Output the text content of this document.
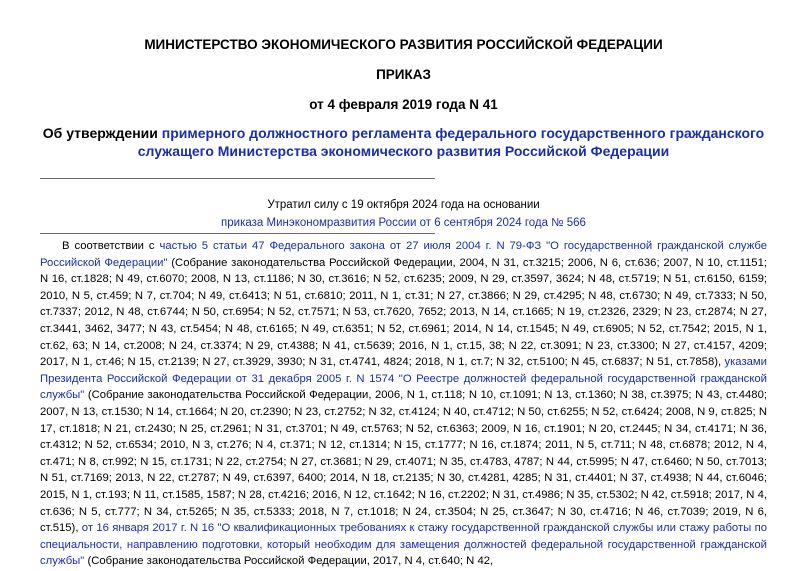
МИНИСТЕРСТВО ЭКОНОМИЧЕСКОГО РАЗВИТИЯ РОССИЙСКОЙ ФЕДЕРАЦИИ
ПРИКАЗ
от 4 февраля 2019 года N 41
Об утверждении примерного должностного регламента федерального государственного гражданского служащего Министерства экономического развития Российской Федерации
Утратил силу с 19 октября 2024 года на основании
приказа Минэкономразвития России от 6 сентября 2024 года № 566

В соответствии с частью 5 статьи 47 Федерального закона от 27 июля 2004 г. N 79-ФЗ "О государственной гражданской службе Российской Федерации" (Собрание законодательства Российской Федерации, 2004, N 31, ст.3215; 2006, N 6, ст.636; 2007, N 10, ст.1151; N 16, ст.1828; N 49, ст.6070; 2008, N 13, ст.1186; N 30, ст.3616; N 52, ст.6235; 2009, N 29, ст.3597, 3624; N 48, ст.5719; N 51, ст.6150, 6159; 2010, N 5, ст.459; N 7, ст.704; N 49, ст.6413; N 51, ст.6810; 2011, N 1, ст.31; N 27, ст.3866; N 29, ст.4295; N 48, ст.6730; N 49, ст.7333; N 50, ст.7337; 2012, N 48, ст.6744; N 50, ст.6954; N 52, ст.7571; N 53, ст.7620, 7652; 2013, N 14, ст.1665; N 19, ст.2326, 2329; N 23, ст.2874; N 27, ст.3441, 3462, 3477; N 43, ст.5454; N 48, ст.6165; N 49, ст.6351; N 52, ст.6961; 2014, N 14, ст.1545; N 49, ст.6905; N 52, ст.7542; 2015, N 1, ст.62, 63; N 14, ст.2008; N 24, ст.3374; N 29, ст.4388; N 41, ст.5639; 2016, N 1, ст.15, 38; N 22, ст.3091; N 23, ст.3300; N 27, ст.4157, 4209; 2017, N 1, ст.46; N 15, ст.2139; N 27, ст.3929, 3930; N 31, ст.4741, 4824; 2018, N 1, ст.7; N 32, ст.5100; N 45, ст.6837; N 51, ст.7858), указами Президента Российской Федерации от 31 декабря 2005 г. N 1574 "О Реестре должностей федеральной государственной гражданской службы" (Собрание законодательства Российской Федерации, 2006, N 1, ст.118; N 10, ст.1091; N 13, ст.1360; N 38, ст.3975; N 43, ст.4480; 2007, N 13, ст.1530; N 14, ст.1664; N 20, ст.2390; N 23, ст.2752; N 32, ст.4124; N 40, ст.4712; N 50, ст.6255; N 52, ст.6424; 2008, N 9, ст.825; N 17, ст.1818; N 21, ст.2430; N 25, ст.2961; N 31, ст.3701; N 49, ст.5763; N 52, ст.6363; 2009, N 16, ст.1901; N 20, ст.2445; N 34, ст.4171; N 36, ст.4312; N 52, ст.6534; 2010, N 3, ст.276; N 4, ст.371; N 12, ст.1314; N 15, ст.1777; N 16, ст.1874; 2011, N 5, ст.711; N 48, ст.6878; 2012, N 4, ст.471; N 8, ст.992; N 15, ст.1731; N 22, ст.2754; N 27, ст.3681; N 29, ст.4071; N 35, ст.4783, 4787; N 44, ст.5995; N 47, ст.6460; N 50, ст.7013; N 51, ст.7169; 2013, N 22, ст.2787; N 49, ст.6397, 6400; 2014, N 18, ст.2135; N 30, ст.4281, 4285; N 31, ст.4401; N 37, ст.4938; N 44, ст.6046; 2015, N 1, ст.193; N 11, ст.1585, 1587; N 28, ст.4216; 2016, N 12, ст.1642; N 16, ст.2202; N 31, ст.4986; N 35, ст.5302; N 42, ст.5918; 2017, N 4, ст.636; N 5, ст.777; N 34, ст.5265; N 35, ст.5333; 2018, N 7, ст.1018; N 24, ст.3504; N 25, ст.3647; N 30, ст.4716; N 46, ст.7039; 2019, N 6, ст.515), от 16 января 2017 г. N 16 "О квалификационных требованиях к стажу государственной гражданской службы или стажу работы по специальности, направлению подготовки, который необходим для замещения должностей федеральной государственной гражданской службы" (Собрание законодательства Российской Федерации, 2017, N 4, ст.640; N 42,
